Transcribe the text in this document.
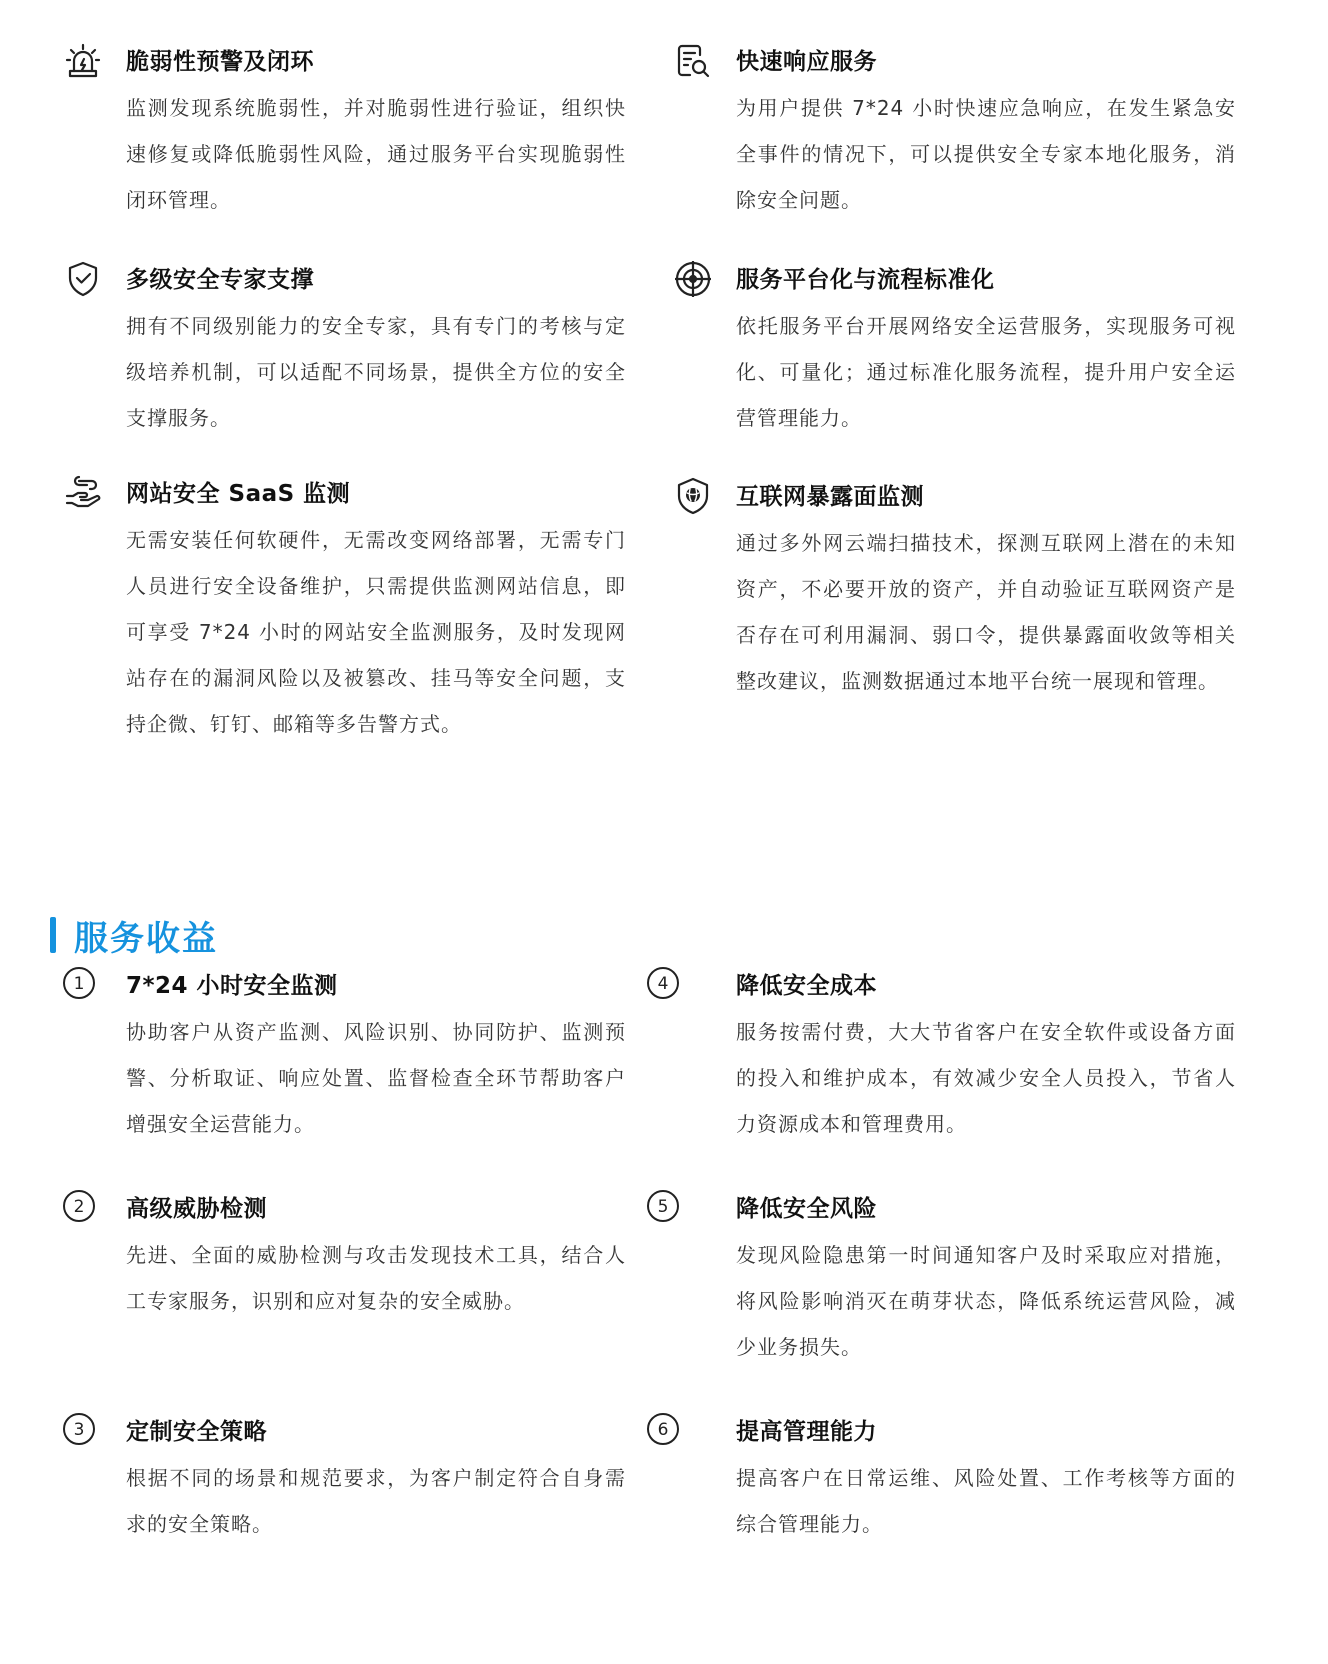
脆弱性预警及闭环

监测发现系统脆弱性，并对脆弱性进行验证，组织快速修复或降低脆弱性风险，通过服务平台实现脆弱性闭环管理。

快速响应服务

为用户提供 7*24 小时快速应急响应，在发生紧急安全事件的情况下，可以提供安全专家本地化服务，消除安全问题。

多级安全专家支撑

拥有不同级别能力的安全专家，具有专门的考核与定级培养机制，可以适配不同场景，提供全方位的安全支撑服务。

服务平台化与流程标准化

依托服务平台开展网络安全运营服务，实现服务可视化、可量化；通过标准化服务流程，提升用户安全运营管理能力。

网站安全 SaaS 监测

无需安装任何软硬件，无需改变网络部署，无需专门人员进行安全设备维护，只需提供监测网站信息，即可享受 7*24 小时的网站安全监测服务，及时发现网站存在的漏洞风险以及被篡改、挂马等安全问题，支持企微、钉钉、邮箱等多告警方式。

互联网暴露面监测

通过多外网云端扫描技术，探测互联网上潜在的未知资产，不必要开放的资产，并自动验证互联网资产是否存在可利用漏洞、弱口令，提供暴露面收敛等相关整改建议，监测数据通过本地平台统一展现和管理。

服务收益
1 7*24 小时安全监测

协助客户从资产监测、风险识别、协同防护、监测预警、分析取证、响应处置、监督检查全环节帮助客户增强安全运营能力。

4	降低安全成本

服务按需付费，大大节省客户在安全软件或设备方面的投入和维护成本，有效减少安全人员投入，节省人力资源成本和管理费用。

2 高级威胁检测

先进、全面的威胁检测与攻击发现技术工具，结合人工专家服务，识别和应对复杂的安全威胁。

5	降低安全风险

发现风险隐患第一时间通知客户及时采取应对措施，将风险影响消灭在萌芽状态，降低系统运营风险，减少业务损失。

3 定制安全策略

根据不同的场景和规范要求，为客户制定符合自身需求的安全策略。

6	提高管理能力

提高客户在日常运维、风险处置、工作考核等方面的综合管理能力。
